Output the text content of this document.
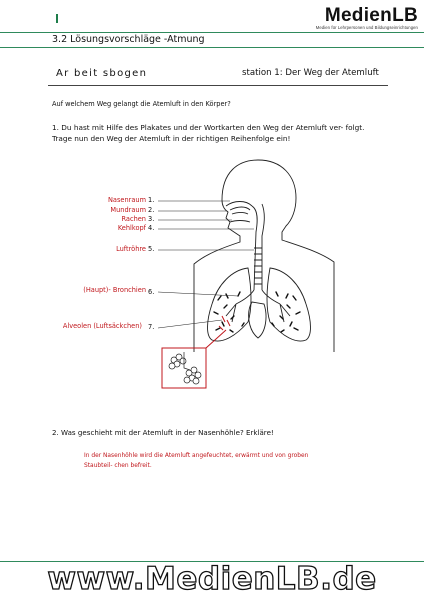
MedienLB
Medien für Lehrpersonen und Bildungseinrichtungen
3.2 Lösungsvorschläge -Atmung
Ar beit sbogen	station 1: Der Weg der Atemluft
Auf welchem Weg gelangt die Atemluft in den Körper?
1. Du hast mit Hilfe des Plakates und der Wortkarten den Weg der Atemluft ver- folgt. Trage nun den Weg der Atemluft in der richtigen Reihenfolge ein!
Nasenraum 1.
Mundraum 2.
Rachen 3.
Kehlkopf 4.
Luftröhre 5.
(Haupt)- Bronchien 6.
Alveolen (Luftsäckchen) 7.
2. Was geschieht mit der Atemluft in der Nasenhöhle? Erkläre!
In der Nasenhöhle wird die Atemluft angefeuchtet, erwärmt und von groben Staubteil- chen befreit.
www.MedienLB.de
